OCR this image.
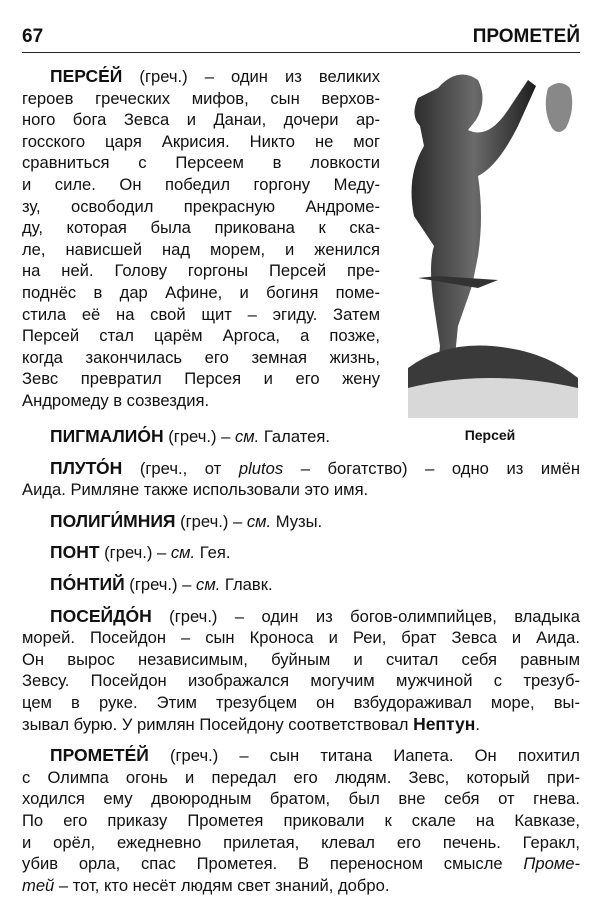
67	ПРОМЕТЕЙ
ПЕРСЕ́Й (греч.) – один из великих
героев греческих мифов, сын верхов-
ного бога Зевса и Данаи, дочери ар-
госского царя Акрисия. Никто не мог
сравниться с Персеем в ловкости
и силе. Он победил горгону Меду-
зу, освободил прекрасную Андроме-
ду, которая была прикована к ска-
ле, нависшей над морем, и женился
на ней. Голову горгоны Персей пре-
поднёс в дар Афине, и богиня поме-
стила её на свой щит – эгиду. Затем
Персей стал царём Аргоса, а позже,
когда закончилась его земная жизнь,
Зевс превратил Персея и его жену
Андромеду в созвездия.
Персей
ПИГМАЛИО́Н (греч.) – см. Галатея.
ПЛУТО́Н (греч., от plutos – богатство) – одно из имён
Аида. Римляне также использовали это имя.
ПОЛИГИ́МНИЯ (греч.) – см. Музы.
ПОНТ (греч.) – см. Гея.
ПО́НТИЙ (греч.) – см. Главк.
ПОСЕЙДО́Н (греч.) – один из богов-олимпийцев, владыка
морей. Посейдон – сын Кроноса и Реи, брат Зевса и Аида.
Он вырос независимым, буйным и считал себя равным
Зевсу. Посейдон изображался могучим мужчиной с трезуб-
цем в руке. Этим трезубцем он взбудораживал море, вы-
зывал бурю. У римлян Посейдону соответствовал Нептун.
ПРОМЕТЕ́Й (греч.) – сын титана Иапета. Он похитил
с Олимпа огонь и передал его людям. Зевс, который при-
ходился ему двоюродным братом, был вне себя от гнева.
По его приказу Прометея приковали к скале на Кавказе,
и орёл, ежедневно прилетая, клевал его печень. Геракл,
убив орла, спас Прометея. В переносном смысле Проме-
тей – тот, кто несёт людям свет знаний, добро.
